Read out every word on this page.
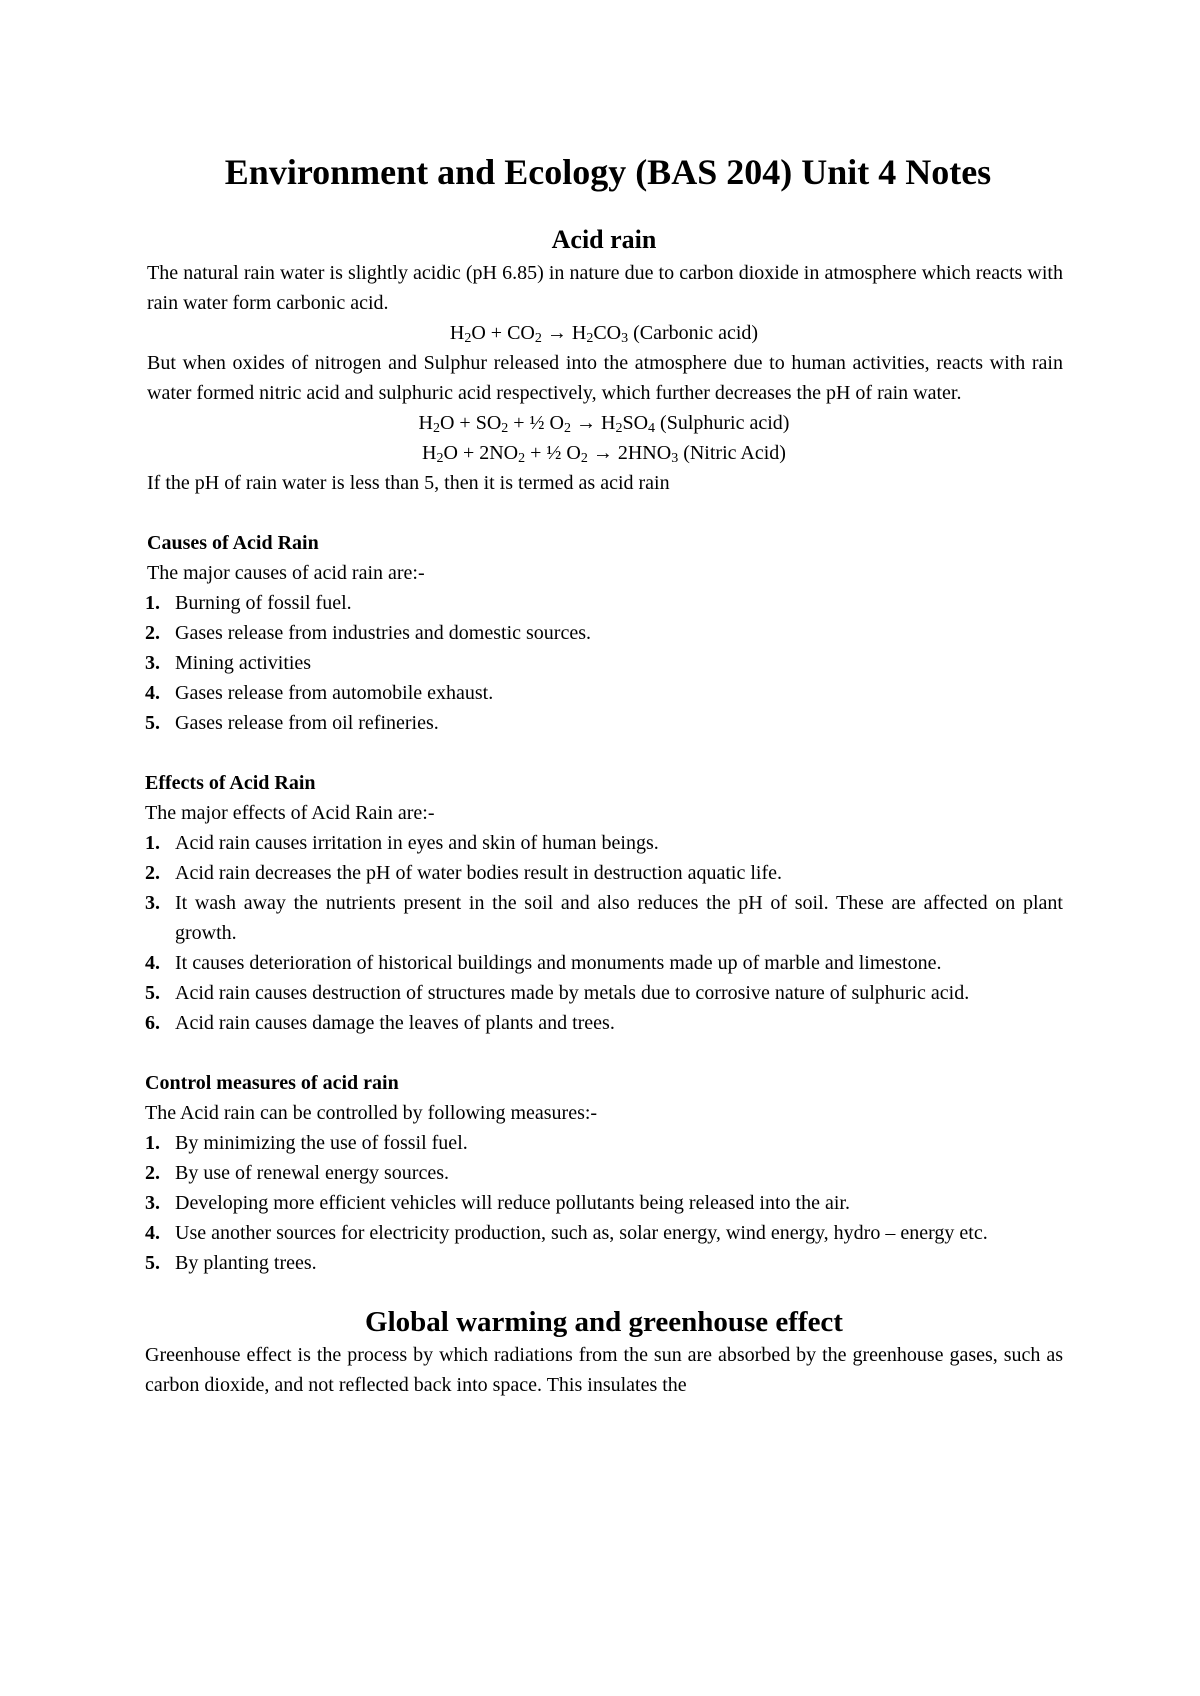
Environment and Ecology (BAS 204) Unit 4 Notes
Acid rain

The natural rain water is slightly acidic (pH 6.85) in nature due to carbon dioxide in atmosphere which reacts with rain water form carbonic acid.

$H_2O + CO_2 \to H_2CO_3$ (Carbonic acid)

But when oxides of nitrogen and Sulphur released into the atmosphere due to human activities, reacts with rain water formed nitric acid and sulphuric acid respectively, which further decreases the pH of rain water.

$H_2O + SO_2$ + ½ $O_2 \to H_2SO_4$ (Sulphuric acid)
$H_2O + 2NO_2$ + ½ $O_2 \to 2HNO_3$ (Nitric Acid)

If the pH of rain water is less than 5, then it is termed as acid rain

Causes of Acid Rain

The major causes of acid rain are:-

1. Burning of fossil fuel.
2. Gases release from industries and domestic sources.
3. Mining activities
4. Gases release from automobile exhaust.
5. Gases release from oil refineries.
Effects of Acid Rain

The major effects of Acid Rain are:-

1. Acid rain causes irritation in eyes and skin of human beings.
2. Acid rain decreases the pH of water bodies result in destruction aquatic life.
3. It wash away the nutrients present in the soil and also reduces the pH of soil. These are affected on plant growth.
4. It causes deterioration of historical buildings and monuments made up of marble and limestone.
5. Acid rain causes destruction of structures made by metals due to corrosive nature of sulphuric acid.
6. Acid rain causes damage the leaves of plants and trees.
Control measures of acid rain

The Acid rain can be controlled by following measures:-

1. By minimizing the use of fossil fuel.
2. By use of renewal energy sources.
3. Developing more efficient vehicles will reduce pollutants being released into the air.
4. Use another sources for electricity production, such as, solar energy, wind energy, hydro – energy etc.
5. By planting trees.
Global warming and greenhouse effect

Greenhouse effect is the process by which radiations from the sun are absorbed by the greenhouse gases, such as carbon dioxide, and not reflected back into space. This insulates the
